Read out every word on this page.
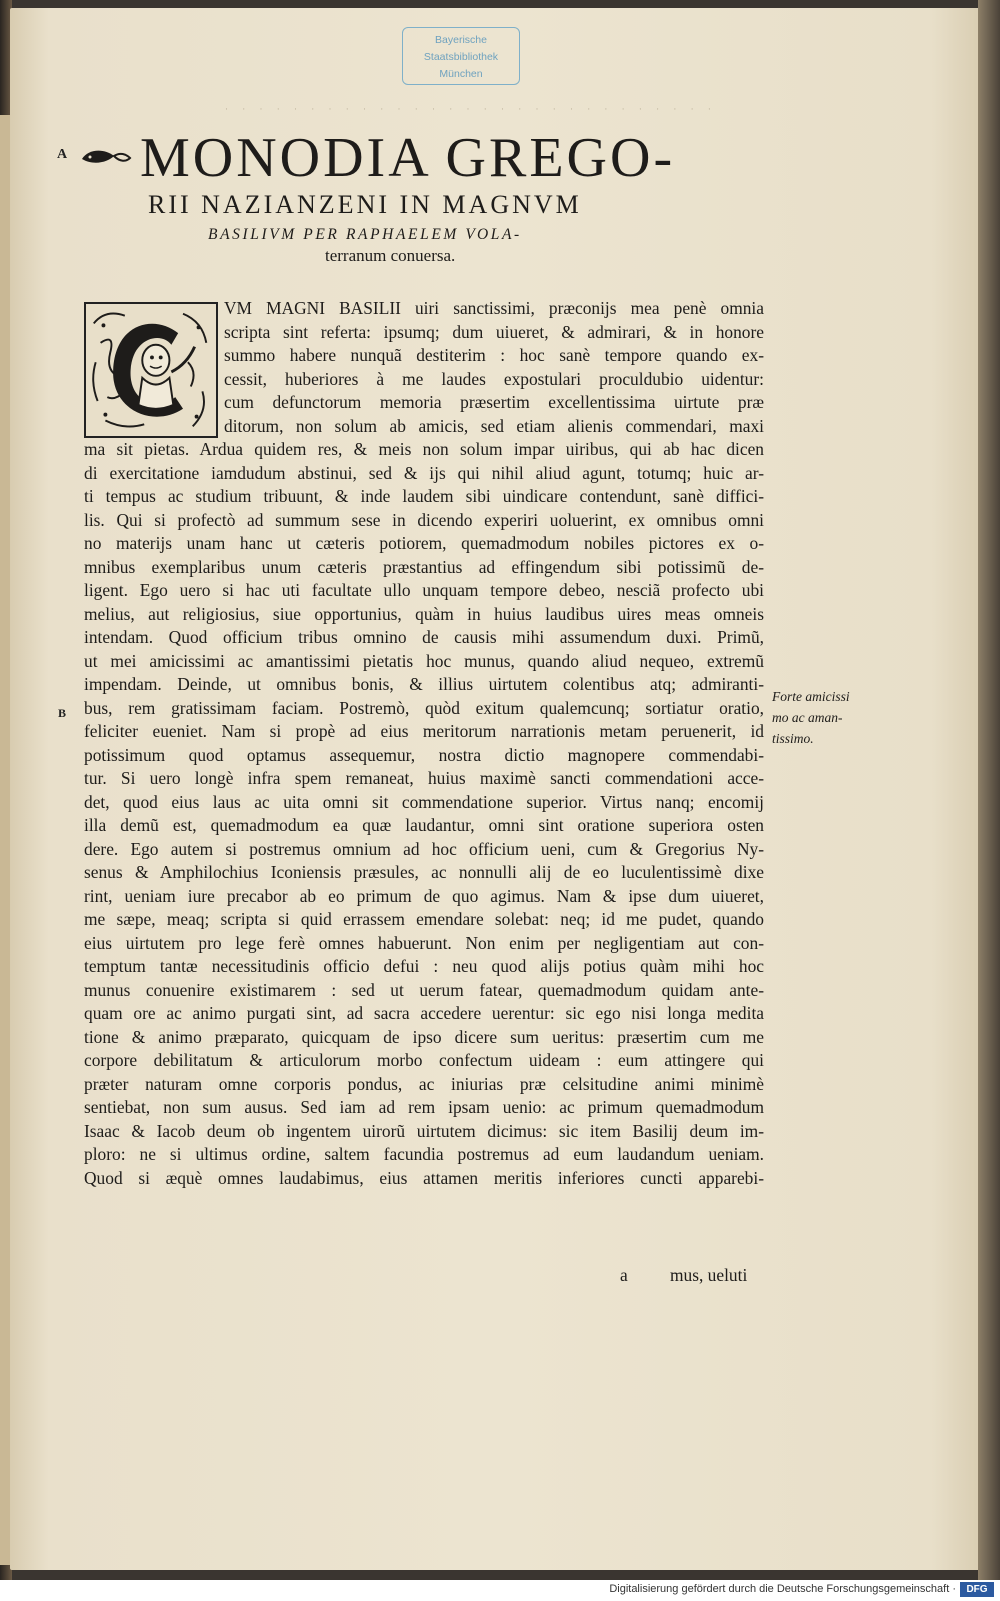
Bayerische
Staatsbibliothek
München
· · · · · · · · · · · · · · · · · · · · · · · · · · · · ·
A
B
MONODIA GREGO-
RII NAZIANZENI IN MAGNVM
BASILIVM PER RAPHAELEM VOLA-
terranum conuersa.
VM MAGNI BASILII uiri sanctissimi, præconijs mea penè omnia
scripta sint referta: ipsumq; dum uiueret, & admirari, & in honore
summo habere nunquã destiterim : hoc sanè tempore quando ex-
cessit, huberiores à me laudes expostulari proculdubio uidentur:
cum defunctorum memoria præsertim excellentissima uirtute præ
ditorum, non solum ab amicis, sed etiam alienis commendari, maxi
ma sit pietas. Ardua quidem res, & meis non solum impar uiribus, qui ab hac dicen
di exercitatione iamdudum abstinui, sed & ijs qui nihil aliud agunt, totumq; huic ar-
ti tempus ac studium tribuunt, & inde laudem sibi uindicare contendunt, sanè diffici-
lis. Qui si profectò ad summum sese in dicendo experiri uoluerint, ex omnibus omni
no materijs unam hanc ut cæteris potiorem, quemadmodum nobiles pictores ex o-
mnibus exemplaribus unum cæteris præstantius ad effingendum sibi potissimũ de-
ligent. Ego uero si hac uti facultate ullo unquam tempore debeo, nesciã profecto ubi
melius, aut religiosius, siue opportunius, quàm in huius laudibus uires meas omneis
intendam. Quod officium tribus omnino de causis mihi assumendum duxi. Primũ,
ut mei amicissimi ac amantissimi pietatis hoc munus, quando aliud nequeo, extremũ
impendam. Deinde, ut omnibus bonis, & illius uirtutem colentibus atq; admiranti-
bus, rem gratissimam faciam. Postremò, quòd exitum qualemcunq; sortiatur oratio,
feliciter eueniet. Nam si propè ad eius meritorum narrationis metam peruenerit, id
potissimum quod optamus assequemur, nostra dictio magnopere commendabi-
tur. Si uero longè infra spem remaneat, huius maximè sancti commendationi acce-
det, quod eius laus ac uita omni sit commendatione superior. Virtus nanq; encomij
illa demũ est, quemadmodum ea quæ laudantur, omni sint oratione superiora osten
dere. Ego autem si postremus omnium ad hoc officium ueni, cum & Gregorius Ny-
senus & Amphilochius Iconiensis præsules, ac nonnulli alij de eo luculentissimè dixe
rint, ueniam iure precabor ab eo primum de quo agimus. Nam & ipse dum uiueret,
me sæpe, meaq; scripta si quid errassem emendare solebat: neq; id me pudet, quando
eius uirtutem pro lege ferè omnes habuerunt. Non enim per negligentiam aut con-
temptum tantæ necessitudinis officio defui : neu quod alijs potius quàm mihi hoc
munus conuenire existimarem : sed ut uerum fatear, quemadmodum quidam ante-
quam ore ac animo purgati sint, ad sacra accedere uerentur: sic ego nisi longa medita
tione & animo præparato, quicquam de ipso dicere sum ueritus: præsertim cum me
corpore debilitatum & articulorum morbo confectum uideam : eum attingere qui
præter naturam omne corporis pondus, ac iniurias præ celsitudine animi minimè
sentiebat, non sum ausus. Sed iam ad rem ipsam uenio: ac primum quemadmodum
Isaac & Iacob deum ob ingentem uirorũ uirtutem dicimus: sic item Basilij deum im-
ploro: ne si ultimus ordine, saltem facundia postremus ad eum laudandum ueniam.
Quod si æquè omnes laudabimus, eius attamen meritis inferiores cuncti apparebi-
a mus, ueluti
Forte amicissi
mo ac aman-
tissimo.
Digitalisierung gefördert durch die Deutsche Forschungsgemeinschaft ·	DFG
